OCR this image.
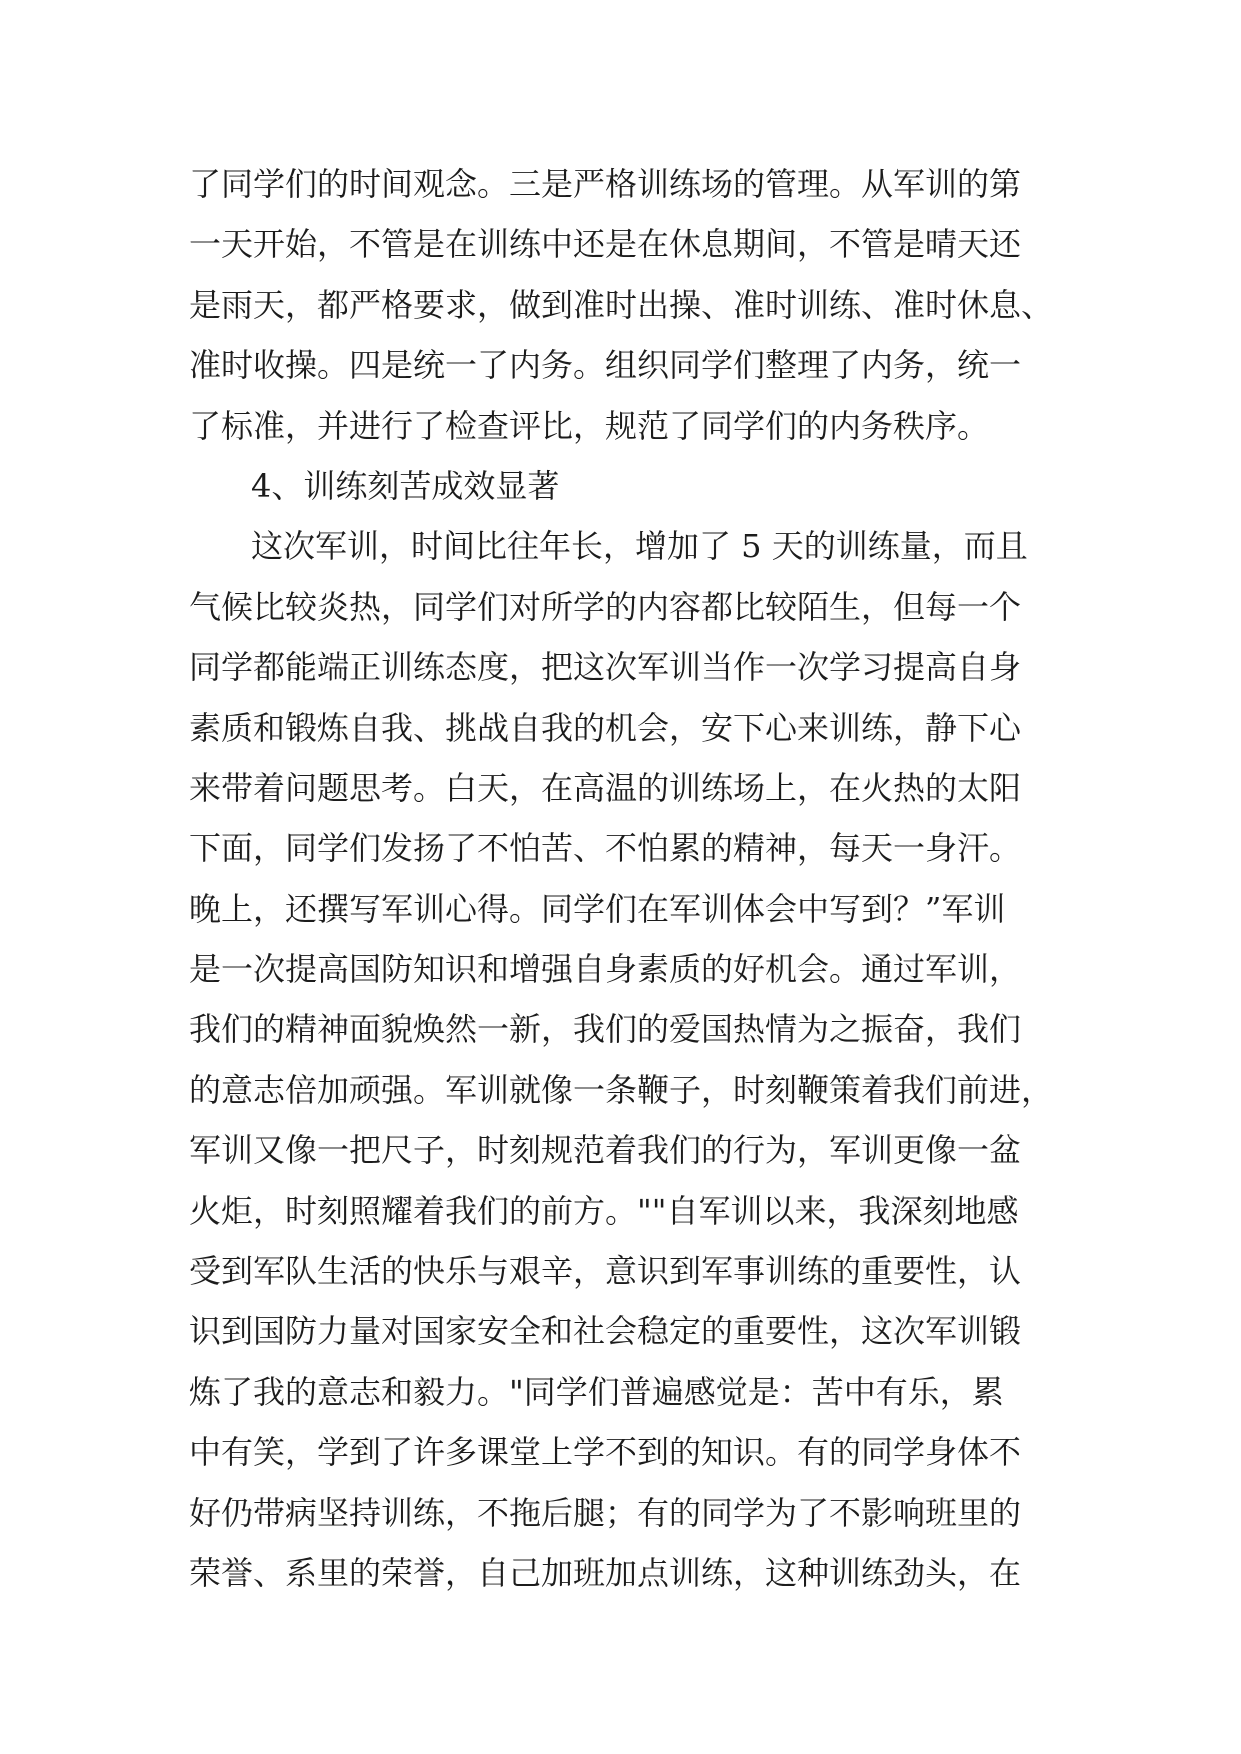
了同学们的时间观念。三是严格训练场的管理。从军训的第
一天开始，不管是在训练中还是在休息期间，不管是晴天还
是雨天，都严格要求，做到准时出操、准时训练、准时休息、
准时收操。四是统一了内务。组织同学们整理了内务，统一
了标准，并进行了检查评比，规范了同学们的内务秩序。
4、训练刻苦成效显著
这次军训，时间比往年长，增加了 5 天的训练量，而且
气候比较炎热，同学们对所学的内容都比较陌生，但每一个
同学都能端正训练态度，把这次军训当作一次学习提高自身
素质和锻炼自我、挑战自我的机会，安下心来训练，静下心
来带着问题思考。白天，在高温的训练场上，在火热的太阳
下面，同学们发扬了不怕苦、不怕累的精神，每天一身汗。
晚上，还撰写军训心得。同学们在军训体会中写到？”军训
是一次提高国防知识和增强自身素质的好机会。通过军训，
我们的精神面貌焕然一新，我们的爱国热情为之振奋，我们
的意志倍加顽强。军训就像一条鞭子，时刻鞭策着我们前进，
军训又像一把尺子，时刻规范着我们的行为，军训更像一盆
火炬，时刻照耀着我们的前方。""自军训以来，我深刻地感
受到军队生活的快乐与艰辛，意识到军事训练的重要性，认
识到国防力量对国家安全和社会稳定的重要性，这次军训锻
炼了我的意志和毅力。"同学们普遍感觉是：苦中有乐，累
中有笑，学到了许多课堂上学不到的知识。有的同学身体不
好仍带病坚持训练，不拖后腿；有的同学为了不影响班里的
荣誉、系里的荣誉，自己加班加点训练，这种训练劲头，在
